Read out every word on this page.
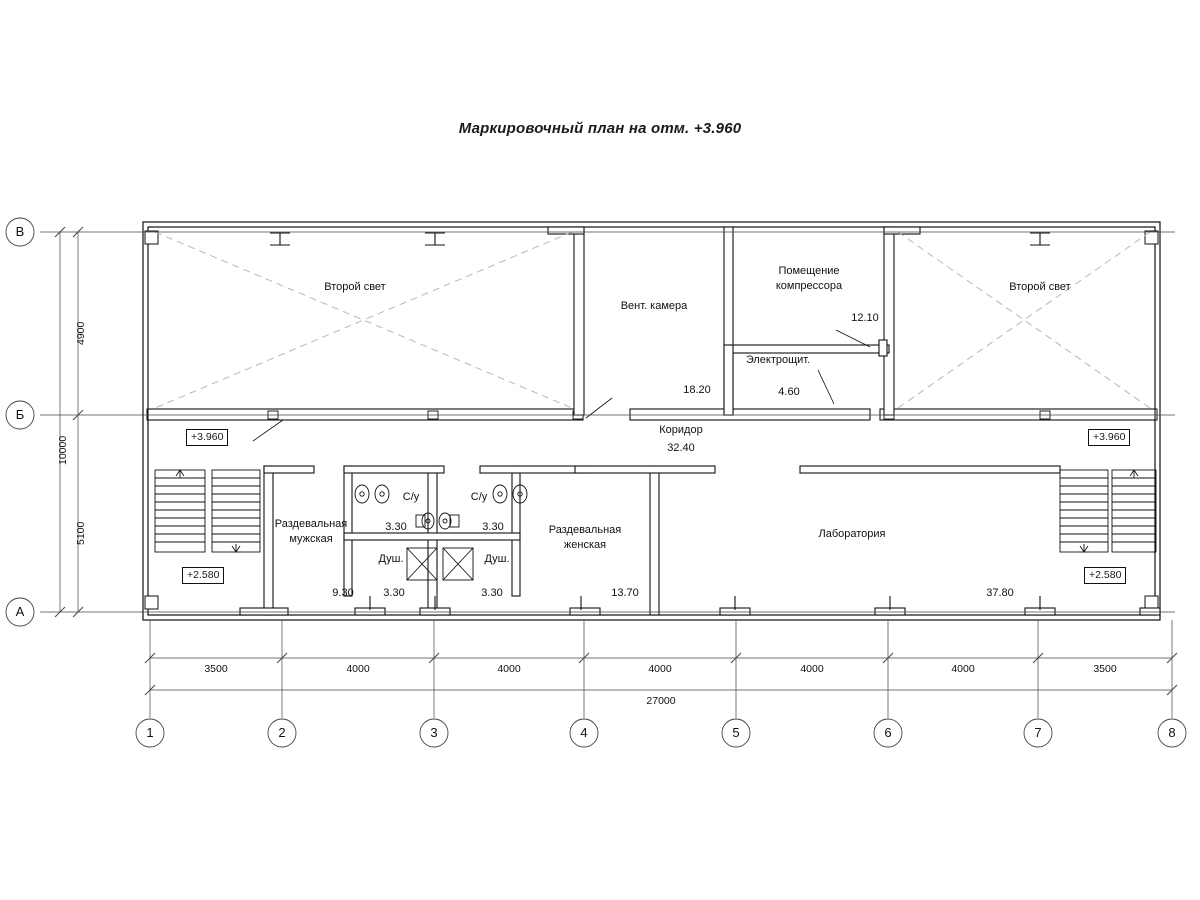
Маркировочный план на отм. +3.960
Второй свет	Второй свет
Вент. камера
18.20
Помещение
компрессора
12.10
Электрощит.
4.60
Коридор
32.40
Раздевальная
мужская
9.30
Раздевальная
женская
13.70
С/у
3.30
С/у
3.30
Душ.
3.30
Душ.
3.30
Лаборатория
37.80
+3.960
+2.580
+3.960
+2.580
3500	4000	4000	4000	4000	4000	3500
27000
4900
5100
10000
В
Б
А
1	2	3	4	5	6	7	8
